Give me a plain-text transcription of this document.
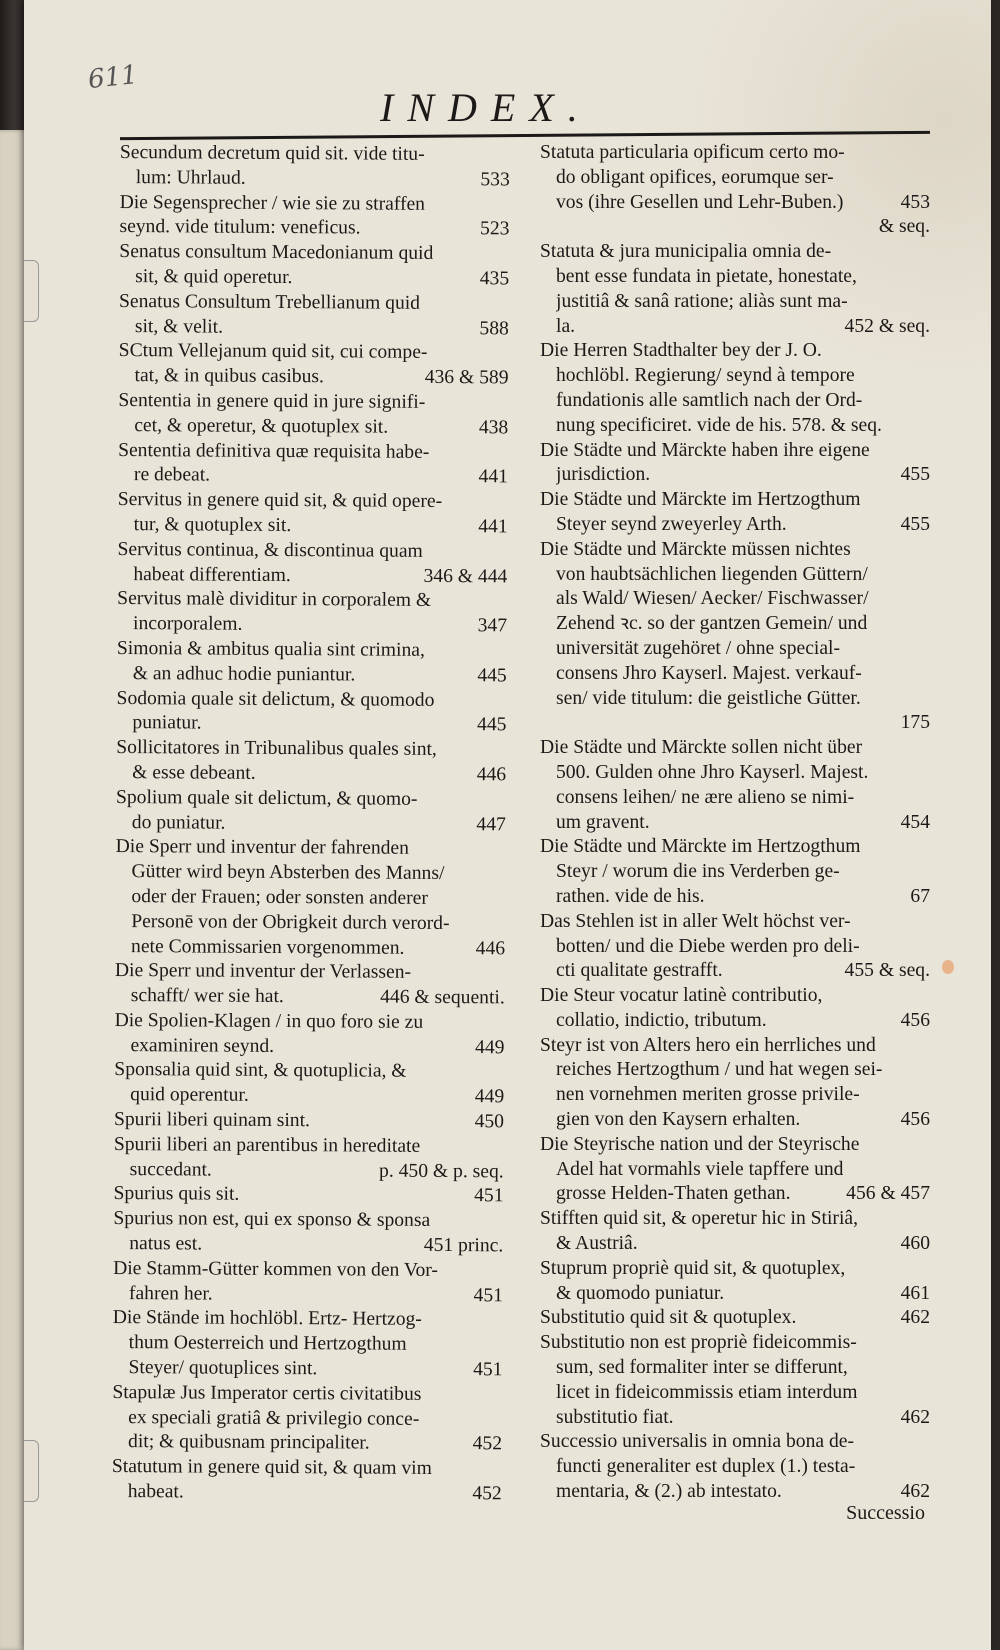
611
INDEX.
Secundum decretum quid sit. vide titu-
lum: Uhrlaud.	533
Die Segensprecher / wie sie zu straffen
seynd. vide titulum: veneficus.	523
Senatus consultum Macedonianum quid
sit, & quid operetur.	435
Senatus Consultum Trebellianum quid
sit, & velit.	588
SCtum Vellejanum quid sit, cui compe-
tat, & in quibus casibus.	436 & 589
Sententia in genere quid in jure signifi-
cet, & operetur, & quotuplex sit.	438
Sententia definitiva quæ requisita habe-
re debeat.	441
Servitus in genere quid sit, & quid opere-
tur, & quotuplex sit.	441
Servitus continua, & discontinua quam
habeat differentiam.	346 & 444
Servitus malè dividitur in corporalem &
incorporalem.	347
Simonia & ambitus qualia sint crimina,
& an adhuc hodie puniantur.	445
Sodomia quale sit delictum, & quomodo
puniatur.	445
Sollicitatores in Tribunalibus quales sint,
& esse debeant.	446
Spolium quale sit delictum, & quomo-
do puniatur.	447
Die Sperr und inventur der fahrenden
Gütter wird beyn Absterben des Manns/
oder der Frauen; oder sonsten anderer
Personē von der Obrigkeit durch verord-
nete Commissarien vorgenommen.	446
Die Sperr und inventur der Verlassen-
schafft/ wer sie hat.	446 & sequenti.
Die Spolien-Klagen / in quo foro sie zu
examiniren seynd.	449
Sponsalia quid sint, & quotuplicia, &
quid operentur.	449
Spurii liberi quinam sint.	450
Spurii liberi an parentibus in hereditate
succedant.	p. 450 & p. seq.
Spurius quis sit.	451
Spurius non est, qui ex sponso & sponsa
natus est.	451 princ.
Die Stamm-Gütter kommen von den Vor-
fahren her.	451
Die Stände im hochlöbl. Ertz- Hertzog-
thum Oesterreich und Hertzogthum
Steyer/ quotuplices sint.	451
Stapulæ Jus Imperator certis civitatibus
ex speciali gratiâ & privilegio conce-
dit; & quibusnam principaliter.	452
Statutum in genere quid sit, & quam vim
habeat.	452
Statuta particularia opificum certo mo-
do obligant opifices, eorumque ser-
vos (ihre Gesellen und Lehr-Buben.)	453
& seq.
Statuta & jura municipalia omnia de-
bent esse fundata in pietate, honestate,
justitiâ & sanâ ratione; aliàs sunt ma-
la.	452 & seq.
Die Herren Stadthalter bey der J. O.
hochlöbl. Regierung/ seynd à tempore
fundationis alle samtlich nach der Ord-
nung specificiret. vide de his. 578. & seq.
Die Städte und Märckte haben ihre eigene
jurisdiction.	455
Die Städte und Märckte im Hertzogthum
Steyer seynd zweyerley Arth.	455
Die Städte und Märckte müssen nichtes
von haubtsächlichen liegenden Güttern/
als Wald/ Wiesen/ Aecker/ Fischwasser/
Zehend ꝛc. so der gantzen Gemein/ und
universität zugehöret / ohne special-
consens Jhro Kayserl. Majest. verkauf-
sen/ vide titulum: die geistliche Gütter.
175
Die Städte und Märckte sollen nicht über
500. Gulden ohne Jhro Kayserl. Majest.
consens leihen/ ne ære alieno se nimi-
um gravent.	454
Die Städte und Märckte im Hertzogthum
Steyr / worum die ins Verderben ge-
rathen. vide de his.	67
Das Stehlen ist in aller Welt höchst ver-
botten/ und die Diebe werden pro deli-
cti qualitate gestrafft.	455 & seq.
Die Steur vocatur latinè contributio,
collatio, indictio, tributum.	456
Steyr ist von Alters hero ein herrliches und
reiches Hertzogthum / und hat wegen sei-
nen vornehmen meriten grosse privile-
gien von den Kaysern erhalten.	456
Die Steyrische nation und der Steyrische
Adel hat vormahls viele tapffere und
grosse Helden-Thaten gethan.	456 & 457
Stifften quid sit, & operetur hic in Stiriâ,
& Austriâ.	460
Stuprum propriè quid sit, & quotuplex,
& quomodo puniatur.	461
Substitutio quid sit & quotuplex.	462
Substitutio non est propriè fideicommis-
sum, sed formaliter inter se differunt,
licet in fideicommissis etiam interdum
substitutio fiat.	462
Successio universalis in omnia bona de-
functi generaliter est duplex (1.) testa-
mentaria, & (2.) ab intestato.	462
Successio
